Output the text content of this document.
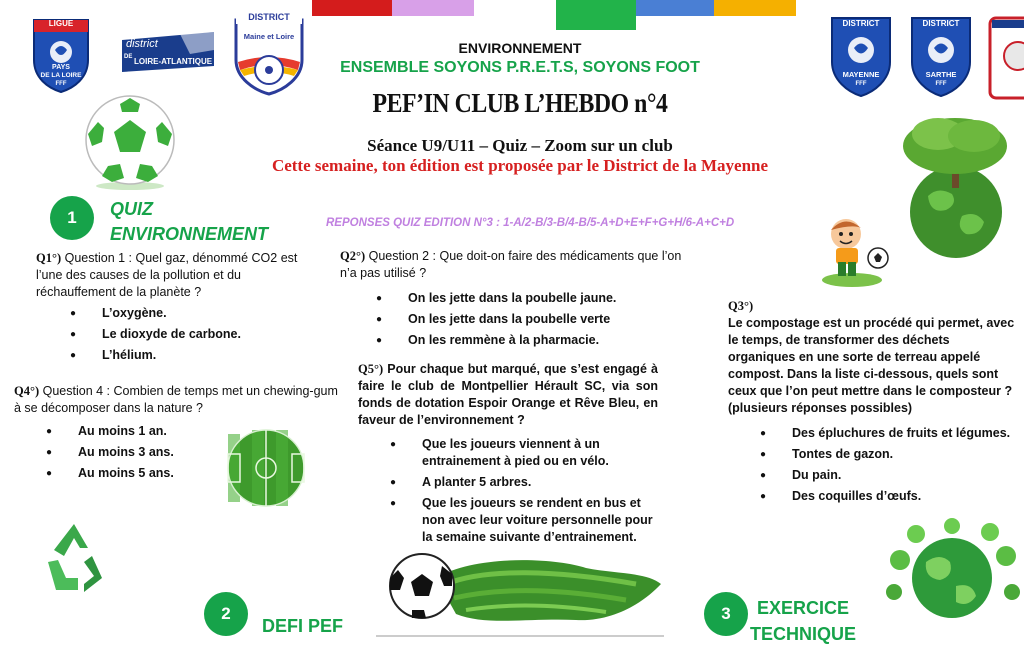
LIGUE
PAYS
DE LA LOIRE
FFF
district
DE LOIRE-ATLANTIQUE
DISTRICT
Maine et Loire
DISTRICT
MAYENNE
FFF
DISTRICT
SARTHE
FFF
ENVIRONNEMENT
ENSEMBLE SOYONS P.R.E.T.S, SOYONS FOOT
PEF’IN CLUB L’HEBDO n°4
Séance U9/U11 – Quiz – Zoom sur un club
Cette semaine, ton édition est proposée par le District de la Mayenne
1	QUIZ
ENVIRONNEMENT
REPONSES QUIZ EDITION N°3 : 1-A/2-B/3-B/4-B/5-A+D+E+F+G+H/6-A+C+D
Q1°) Question 1 : Quel gaz, dénommé CO2 est l’une des causes de la pollution et du réchauffement de la planète ?
● L’oxygène.
● Le dioxyde de carbone.
● L’hélium.
Q4°) Question 4 : Combien de temps met un chewing-gum à se décomposer dans la nature ?
● Au moins 1 an.
● Au moins 3 ans.
● Au moins 5 ans.
2
DEFI PEF
Q2°) Question 2 : Que doit-on faire des médicaments que l’on n’a pas utilisé ?
● On les jette dans la poubelle jaune.
● On les jette dans la poubelle verte
● On les remmène à la pharmacie.
Q5°) Pour chaque but marqué, que s’est engagé à faire le club de Montpellier Hérault SC, via son fonds de dotation Espoir Orange et Rêve Bleu, en faveur de l’environnement ?
● Que les joueurs viennent à un entrainement à pied ou en vélo.
● A planter 5 arbres.
● Que les joueurs se rendent en bus et non avec leur voiture personnelle pour la semaine suivante d’entrainement.
Q3°)
Le compostage est un procédé qui permet, avec le temps, de transformer des déchets organiques en une sorte de terreau appelé compost. Dans la liste ci-dessous, quels sont ceux que l’on peut mettre dans le composteur ? (plusieurs réponses possibles)
● Des épluchures de fruits et légumes.
● Tontes de gazon.
● Du pain.
● Des coquilles d’œufs.
3	EXERCICE
TECHNIQUE
